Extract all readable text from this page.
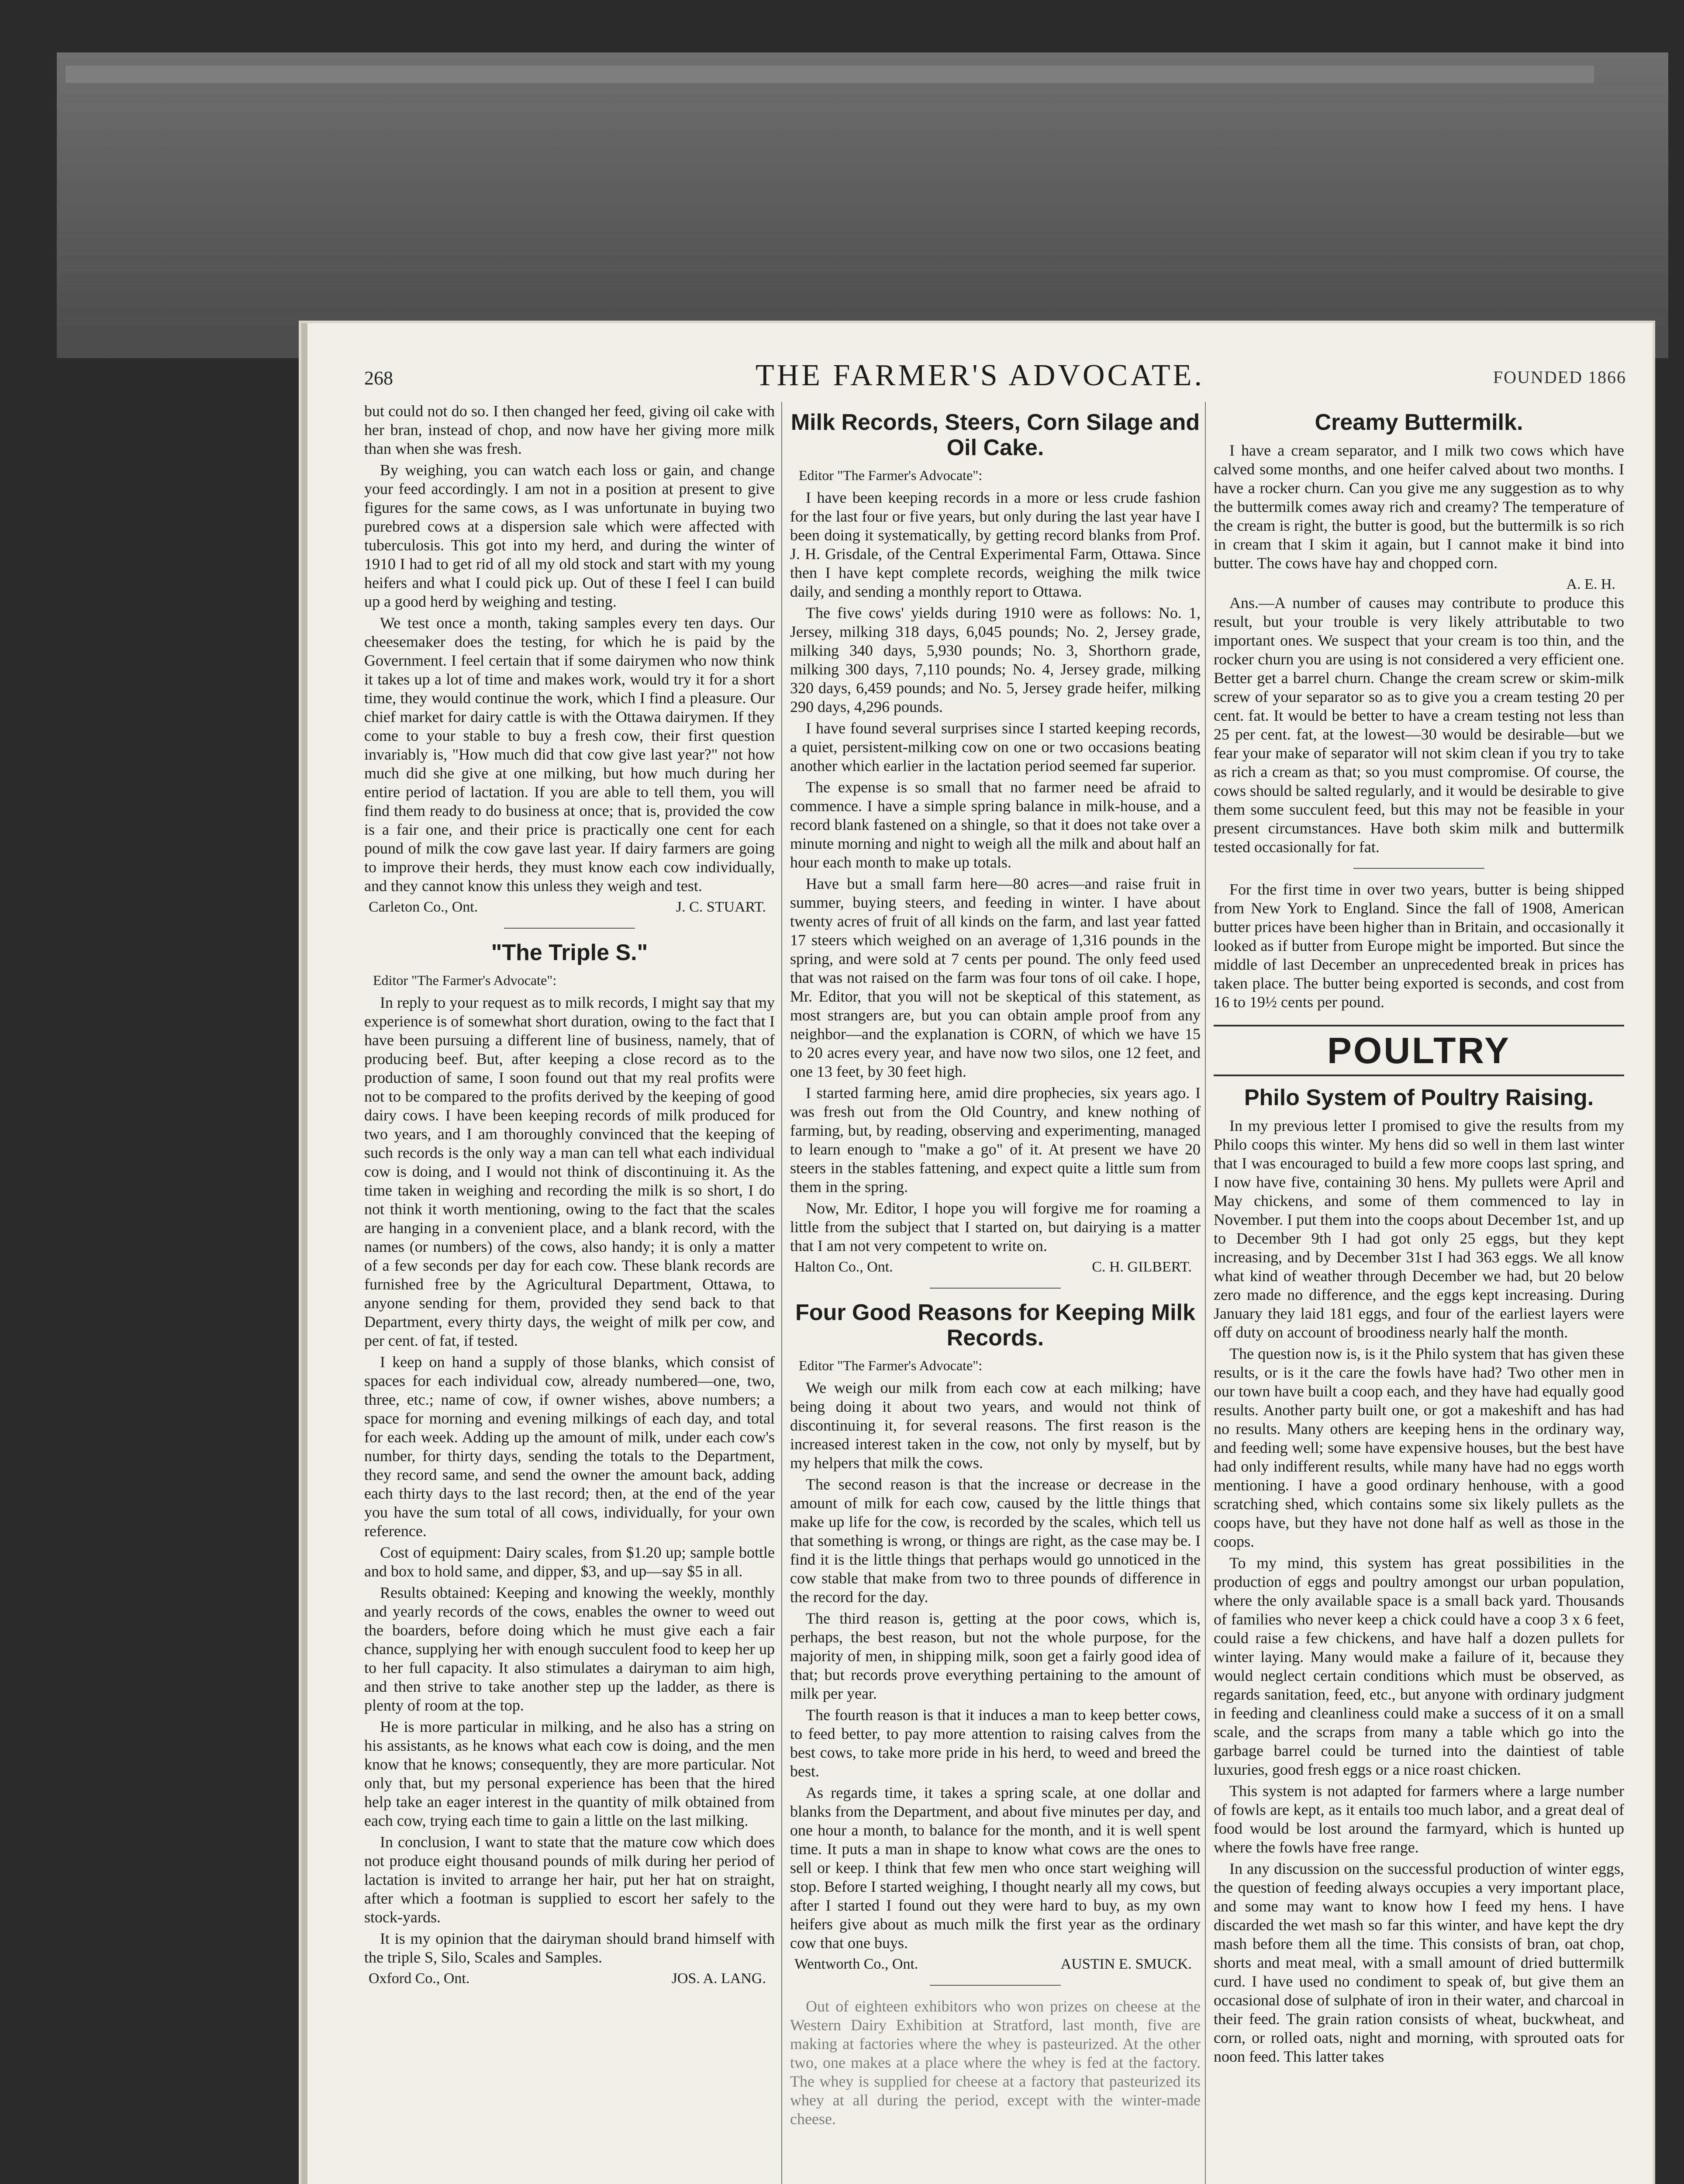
268	THE FARMER'S ADVOCATE.	FOUNDED 1866

but could not do so. I then changed her feed, giving oil cake with her bran, instead of chop, and now have her giving more milk than when she was fresh.

By weighing, you can watch each loss or gain, and change your feed accordingly. I am not in a position at present to give figures for the same cows, as I was unfortunate in buying two purebred cows at a dispersion sale which were affected with tuberculosis. This got into my herd, and during the winter of 1910 I had to get rid of all my old stock and start with my young heifers and what I could pick up. Out of these I feel I can build up a good herd by weighing and testing.

We test once a month, taking samples every ten days. Our cheesemaker does the testing, for which he is paid by the Government. I feel certain that if some dairymen who now think it takes up a lot of time and makes work, would try it for a short time, they would continue the work, which I find a pleasure. Our chief market for dairy cattle is with the Ottawa dairymen. If they come to your stable to buy a fresh cow, their first question invariably is, "How much did that cow give last year?" not how much did she give at one milking, but how much during her entire period of lactation. If you are able to tell them, you will find them ready to do business at once; that is, provided the cow is a fair one, and their price is practically one cent for each pound of milk the cow gave last year. If dairy farmers are going to improve their herds, they must know each cow individually, and they cannot know this unless they weigh and test.

Carleton Co., Ont.	J. C. STUART.
"The Triple S."

Editor "The Farmer's Advocate":

In reply to your request as to milk records, I might say that my experience is of somewhat short duration, owing to the fact that I have been pursuing a different line of business, namely, that of producing beef. But, after keeping a close record as to the production of same, I soon found out that my real profits were not to be compared to the profits derived by the keeping of good dairy cows. I have been keeping records of milk produced for two years, and I am thoroughly convinced that the keeping of such records is the only way a man can tell what each individual cow is doing, and I would not think of discontinuing it. As the time taken in weighing and recording the milk is so short, I do not think it worth mentioning, owing to the fact that the scales are hanging in a convenient place, and a blank record, with the names (or numbers) of the cows, also handy; it is only a matter of a few seconds per day for each cow. These blank records are furnished free by the Agricultural Department, Ottawa, to anyone sending for them, provided they send back to that Department, every thirty days, the weight of milk per cow, and per cent. of fat, if tested.

I keep on hand a supply of those blanks, which consist of spaces for each individual cow, already numbered—one, two, three, etc.; name of cow, if owner wishes, above numbers; a space for morning and evening milkings of each day, and total for each week. Adding up the amount of milk, under each cow's number, for thirty days, sending the totals to the Department, they record same, and send the owner the amount back, adding each thirty days to the last record; then, at the end of the year you have the sum total of all cows, individually, for your own reference.

Cost of equipment: Dairy scales, from $1.20 up; sample bottle and box to hold same, and dipper, $3, and up—say $5 in all.

Results obtained: Keeping and knowing the weekly, monthly and yearly records of the cows, enables the owner to weed out the boarders, before doing which he must give each a fair chance, supplying her with enough succulent food to keep her up to her full capacity. It also stimulates a dairyman to aim high, and then strive to take another step up the ladder, as there is plenty of room at the top.

He is more particular in milking, and he also has a string on his assistants, as he knows what each cow is doing, and the men know that he knows; consequently, they are more particular. Not only that, but my personal experience has been that the hired help take an eager interest in the quantity of milk obtained from each cow, trying each time to gain a little on the last milking.

In conclusion, I want to state that the mature cow which does not produce eight thousand pounds of milk during her period of lactation is invited to arrange her hair, put her hat on straight, after which a footman is supplied to escort her safely to the stock-yards.

It is my opinion that the dairyman should brand himself with the triple S, Silo, Scales and Samples.

Oxford Co., Ont.	JOS. A. LANG.
Milk Records, Steers, Corn Silage and Oil Cake.

Editor "The Farmer's Advocate":

I have been keeping records in a more or less crude fashion for the last four or five years, but only during the last year have I been doing it systematically, by getting record blanks from Prof. J. H. Grisdale, of the Central Experimental Farm, Ottawa. Since then I have kept complete records, weighing the milk twice daily, and sending a monthly report to Ottawa.

The five cows' yields during 1910 were as follows: No. 1, Jersey, milking 318 days, 6,045 pounds; No. 2, Jersey grade, milking 340 days, 5,930 pounds; No. 3, Shorthorn grade, milking 300 days, 7,110 pounds; No. 4, Jersey grade, milking 320 days, 6,459 pounds; and No. 5, Jersey grade heifer, milking 290 days, 4,296 pounds.

I have found several surprises since I started keeping records, a quiet, persistent-milking cow on one or two occasions beating another which earlier in the lactation period seemed far superior.

The expense is so small that no farmer need be afraid to commence. I have a simple spring balance in milk-house, and a record blank fastened on a shingle, so that it does not take over a minute morning and night to weigh all the milk and about half an hour each month to make up totals.

Have but a small farm here—80 acres—and raise fruit in summer, buying steers, and feeding in winter. I have about twenty acres of fruit of all kinds on the farm, and last year fatted 17 steers which weighed on an average of 1,316 pounds in the spring, and were sold at 7 cents per pound. The only feed used that was not raised on the farm was four tons of oil cake. I hope, Mr. Editor, that you will not be skeptical of this statement, as most strangers are, but you can obtain ample proof from any neighbor—and the explanation is CORN, of which we have 15 to 20 acres every year, and have now two silos, one 12 feet, and one 13 feet, by 30 feet high.

I started farming here, amid dire prophecies, six years ago. I was fresh out from the Old Country, and knew nothing of farming, but, by reading, observing and experimenting, managed to learn enough to "make a go" of it. At present we have 20 steers in the stables fattening, and expect quite a little sum from them in the spring.

Now, Mr. Editor, I hope you will forgive me for roaming a little from the subject that I started on, but dairying is a matter that I am not very competent to write on.

Halton Co., Ont.	C. H. GILBERT.
Four Good Reasons for Keeping Milk Records.

Editor "The Farmer's Advocate":

We weigh our milk from each cow at each milking; have being doing it about two years, and would not think of discontinuing it, for several reasons. The first reason is the increased interest taken in the cow, not only by myself, but by my helpers that milk the cows.

The second reason is that the increase or decrease in the amount of milk for each cow, caused by the little things that make up life for the cow, is recorded by the scales, which tell us that something is wrong, or things are right, as the case may be. I find it is the little things that perhaps would go unnoticed in the cow stable that make from two to three pounds of difference in the record for the day.

The third reason is, getting at the poor cows, which is, perhaps, the best reason, but not the whole purpose, for the majority of men, in shipping milk, soon get a fairly good idea of that; but records prove everything pertaining to the amount of milk per year.

The fourth reason is that it induces a man to keep better cows, to feed better, to pay more attention to raising calves from the best cows, to take more pride in his herd, to weed and breed the best.

As regards time, it takes a spring scale, at one dollar and blanks from the Department, and about five minutes per day, and one hour a month, to balance for the month, and it is well spent time. It puts a man in shape to know what cows are the ones to sell or keep. I think that few men who once start weighing will stop. Before I started weighing, I thought nearly all my cows, but after I started I found out they were hard to buy, as my own heifers give about as much milk the first year as the ordinary cow that one buys.

Wentworth Co., Ont.	AUSTIN E. SMUCK.

Out of eighteen exhibitors who won prizes on cheese at the Western Dairy Exhibition at Stratford, last month, five are making at factories where the whey is pasteurized. At the other two, one makes at a place where the whey is fed at the factory. The whey is supplied for cheese at a factory that pasteurized its whey at all during the period, except with the winter-made cheese.

Creamy Buttermilk.

I have a cream separator, and I milk two cows which have calved some months, and one heifer calved about two months. I have a rocker churn. Can you give me any suggestion as to why the buttermilk comes away rich and creamy? The temperature of the cream is right, the butter is good, but the buttermilk is so rich in cream that I skim it again, but I cannot make it bind into butter. The cows have hay and chopped corn.

A. E. H.

Ans.—A number of causes may contribute to produce this result, but your trouble is very likely attributable to two important ones. We suspect that your cream is too thin, and the rocker churn you are using is not considered a very efficient one. Better get a barrel churn. Change the cream screw or skim-milk screw of your separator so as to give you a cream testing 20 per cent. fat. It would be better to have a cream testing not less than 25 per cent. fat, at the lowest—30 would be desirable—but we fear your make of separator will not skim clean if you try to take as rich a cream as that; so you must compromise. Of course, the cows should be salted regularly, and it would be desirable to give them some succulent feed, but this may not be feasible in your present circumstances. Have both skim milk and buttermilk tested occasionally for fat.

For the first time in over two years, butter is being shipped from New York to England. Since the fall of 1908, American butter prices have been higher than in Britain, and occasionally it looked as if butter from Europe might be imported. But since the middle of last December an unprecedented break in prices has taken place. The butter being exported is seconds, and cost from 16 to 19½ cents per pound.

POULTRY
Philo System of Poultry Raising.

In my previous letter I promised to give the results from my Philo coops this winter. My hens did so well in them last winter that I was encouraged to build a few more coops last spring, and I now have five, containing 30 hens. My pullets were April and May chickens, and some of them commenced to lay in November. I put them into the coops about December 1st, and up to December 9th I had got only 25 eggs, but they kept increasing, and by December 31st I had 363 eggs. We all know what kind of weather through December we had, but 20 below zero made no difference, and the eggs kept increasing. During January they laid 181 eggs, and four of the earliest layers were off duty on account of broodiness nearly half the month.

The question now is, is it the Philo system that has given these results, or is it the care the fowls have had? Two other men in our town have built a coop each, and they have had equally good results. Another party built one, or got a makeshift and has had no results. Many others are keeping hens in the ordinary way, and feeding well; some have expensive houses, but the best have had only indifferent results, while many have had no eggs worth mentioning. I have a good ordinary henhouse, with a good scratching shed, which contains some six likely pullets as the coops have, but they have not done half as well as those in the coops.

To my mind, this system has great possibilities in the production of eggs and poultry amongst our urban population, where the only available space is a small back yard. Thousands of families who never keep a chick could have a coop 3 x 6 feet, could raise a few chickens, and have half a dozen pullets for winter laying. Many would make a failure of it, because they would neglect certain conditions which must be observed, as regards sanitation, feed, etc., but anyone with ordinary judgment in feeding and cleanliness could make a success of it on a small scale, and the scraps from many a table which go into the garbage barrel could be turned into the daintiest of table luxuries, good fresh eggs or a nice roast chicken.

This system is not adapted for farmers where a large number of fowls are kept, as it entails too much labor, and a great deal of food would be lost around the farmyard, which is hunted up where the fowls have free range.

In any discussion on the successful production of winter eggs, the question of feeding always occupies a very important place, and some may want to know how I feed my hens. I have discarded the wet mash so far this winter, and have kept the dry mash before them all the time. This consists of bran, oat chop, shorts and meat meal, with a small amount of dried buttermilk curd. I have used no condiment to speak of, but give them an occasional dose of sulphate of iron in their water, and charcoal in their feed. The grain ration consists of wheat, buckwheat, and corn, or rolled oats, night and morning, with sprouted oats for noon feed. This latter takes
